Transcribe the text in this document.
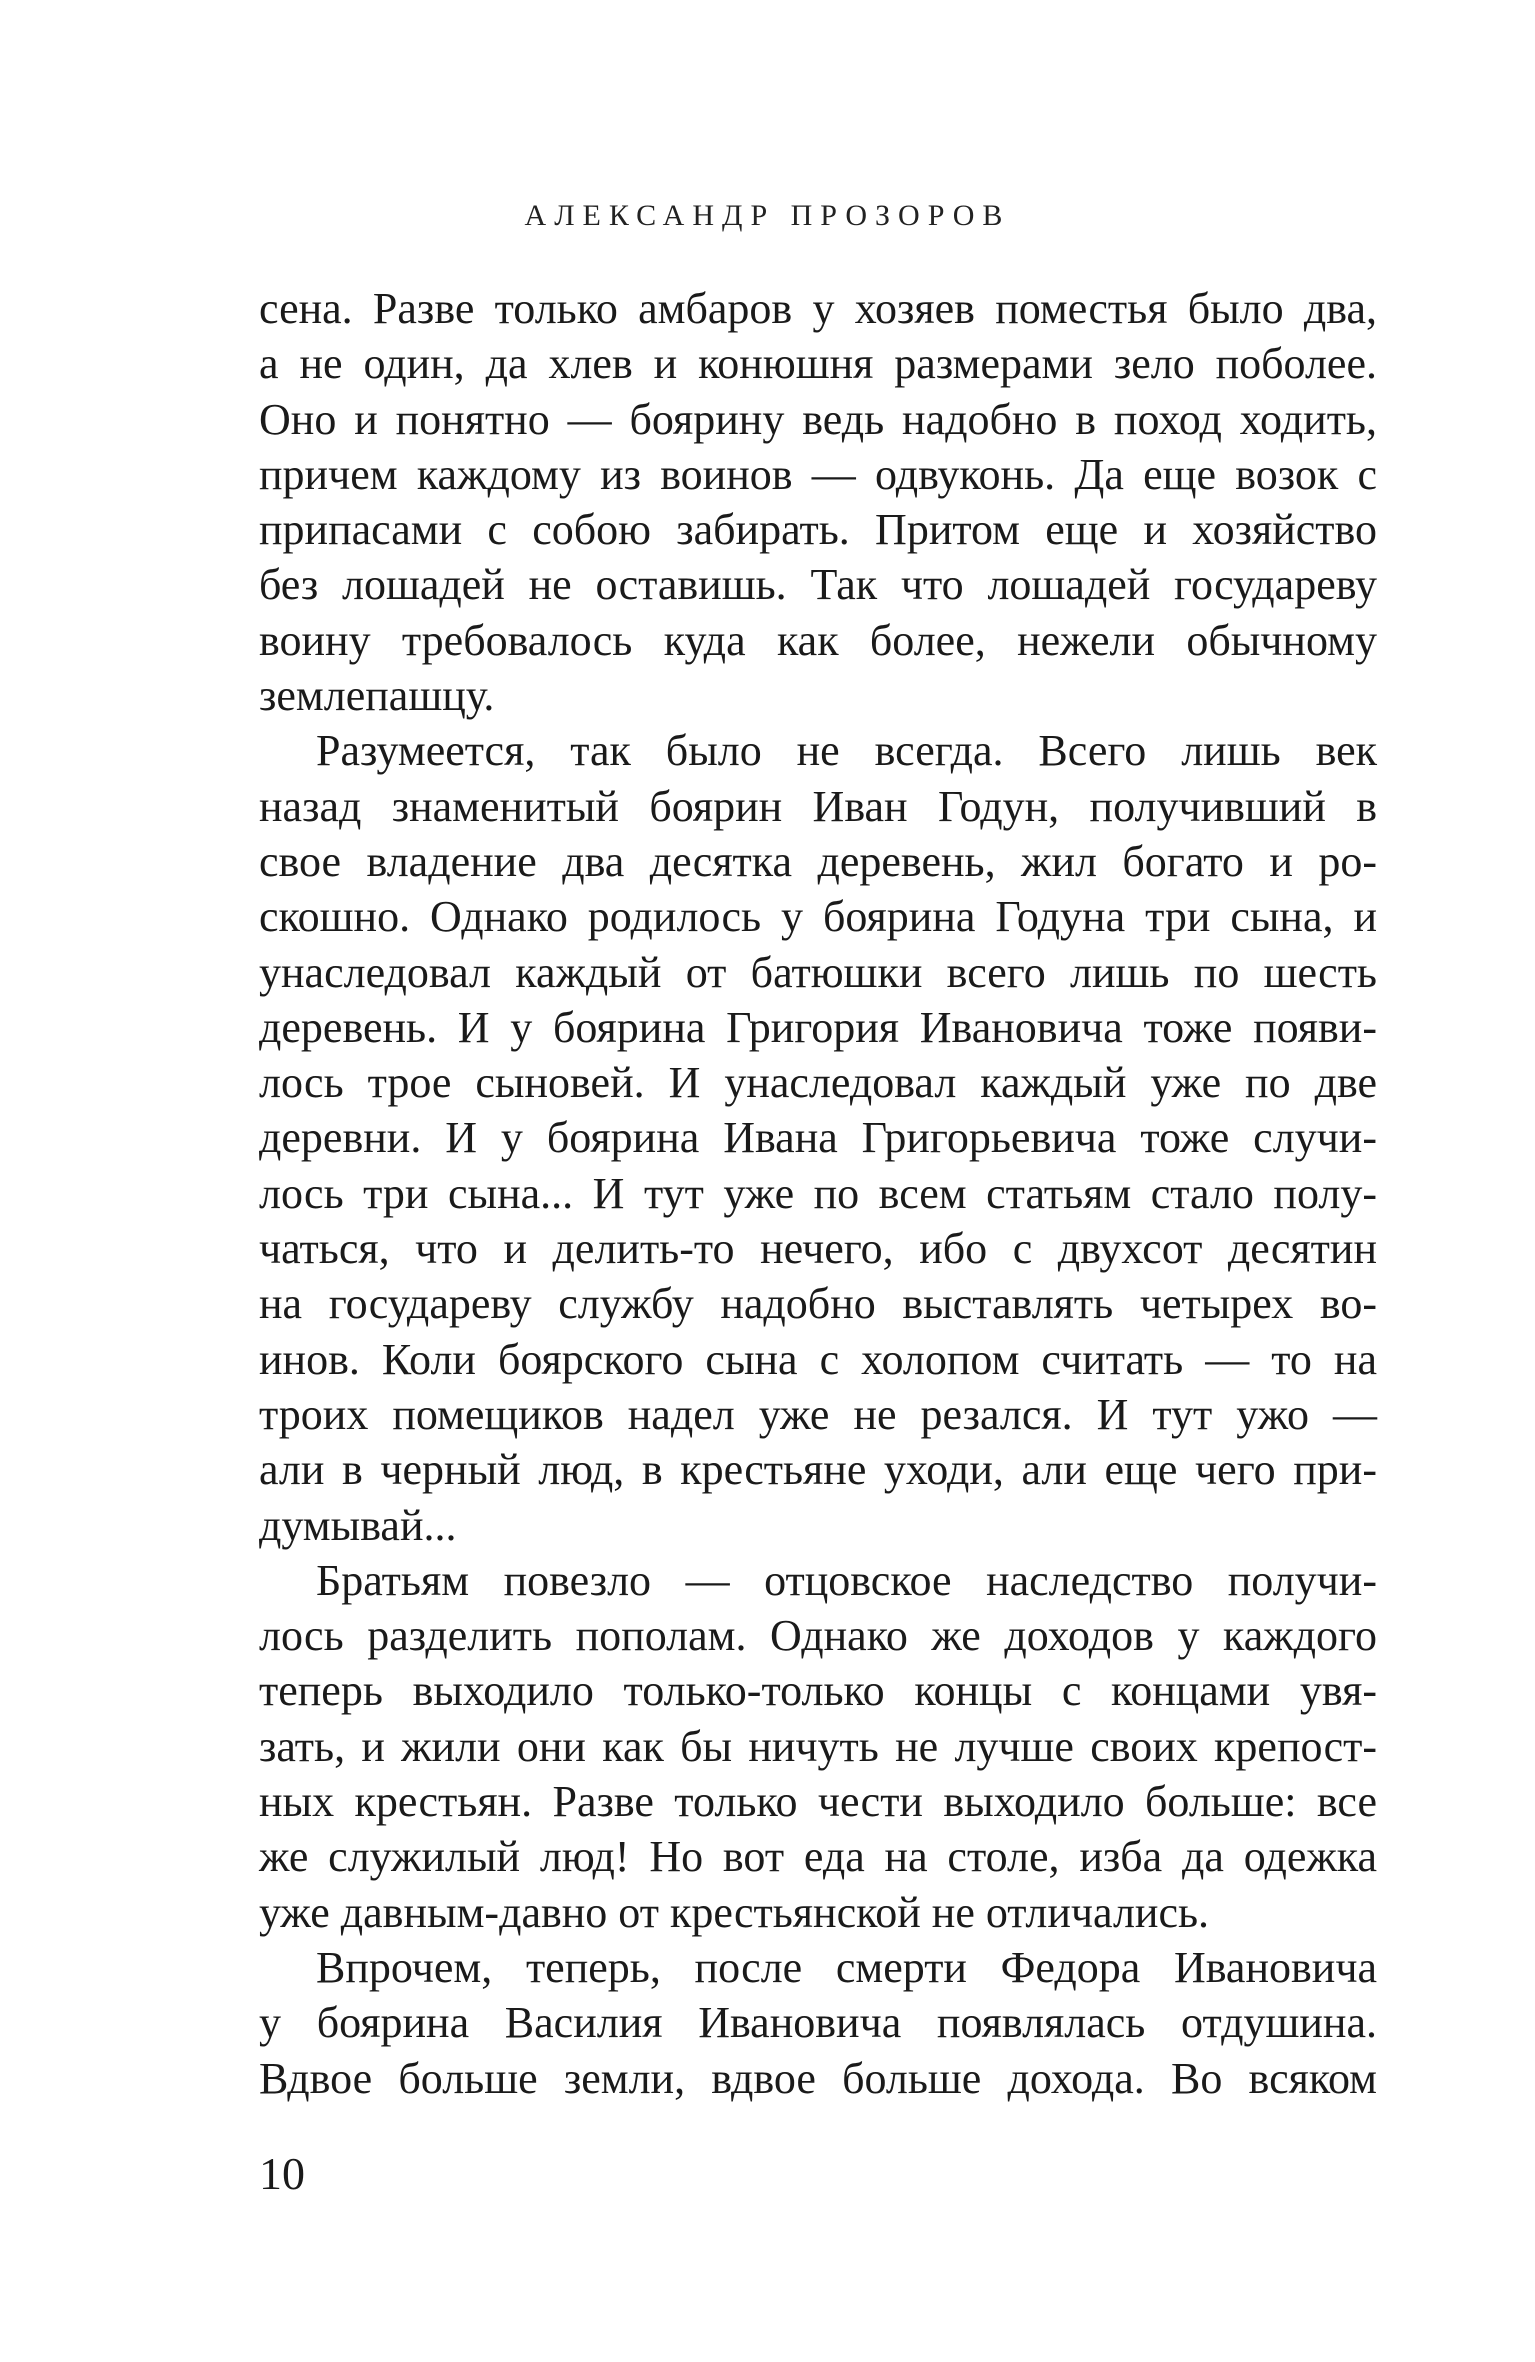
АЛЕКСАНДР ПРОЗОРОВ

сена. Разве только амбаров у хозяев поместья было два,
а не один, да хлев и конюшня размерами зело поболее.
Оно и понятно — боярину ведь надобно в поход ходить,
причем каждому из воинов — одвуконь. Да еще возок с
припасами с собою забирать. Притом еще и хозяйство
без лошадей не оставишь. Так что лошадей государеву
воину требовалось куда как более, нежели обычному
землепашцу.

Разумеется, так было не всегда. Всего лишь век
назад знаменитый боярин Иван Годун, получивший в
свое владение два десятка деревень, жил богато и ро-
скошно. Однако родилось у боярина Годуна три сына, и
унаследовал каждый от батюшки всего лишь по шесть
деревень. И у боярина Григория Ивановича тоже появи-
лось трое сыновей. И унаследовал каждый уже по две
деревни. И у боярина Ивана Григорьевича тоже случи-
лось три сына... И тут уже по всем статьям стало полу-
чаться, что и делить-то нечего, ибо с двухсот десятин
на государеву службу надобно выставлять четырех во-
инов. Коли боярского сына с холопом считать — то на
троих помещиков надел уже не резался. И тут ужо —
али в черный люд, в крестьяне уходи, али еще чего при-
думывай...

Братьям повезло — отцовское наследство получи-
лось разделить пополам. Однако же доходов у каждого
теперь выходило только-только концы с концами увя-
зать, и жили они как бы ничуть не лучше своих крепост-
ных крестьян. Разве только чести выходило больше: все
же служилый люд! Но вот еда на столе, изба да одежка
уже давным-давно от крестьянской не отличались.

Впрочем, теперь, после смерти Федора Ивановича
у боярина Василия Ивановича появлялась отдушина.
Вдвое больше земли, вдвое больше дохода. Во всяком

10
